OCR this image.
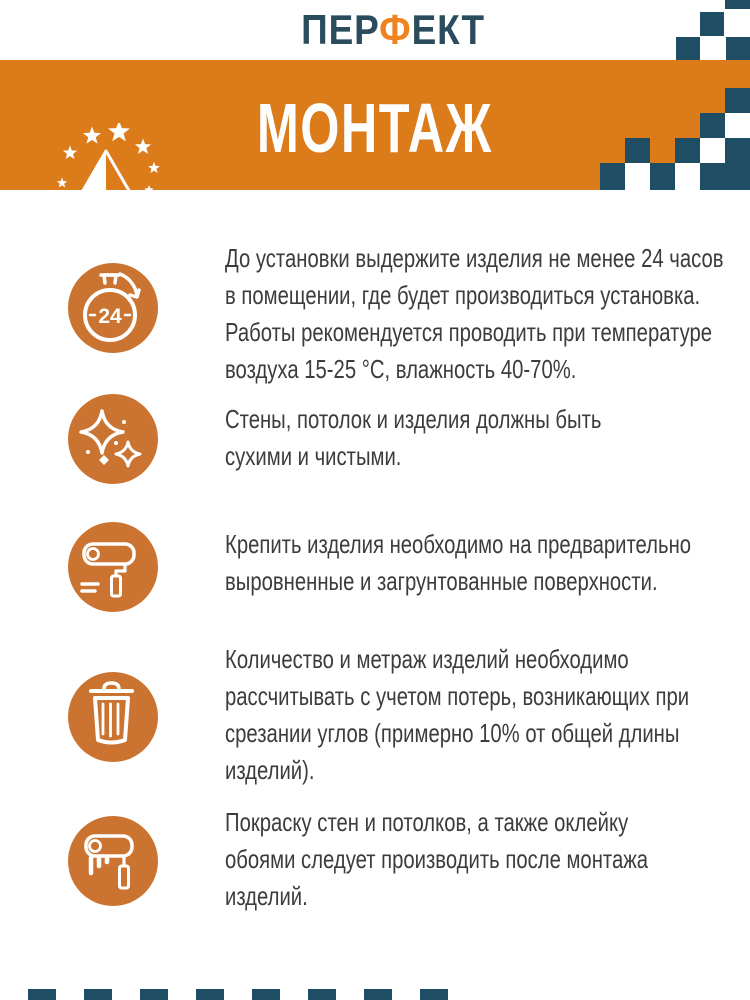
ПЕРФЕКТ
МОНТАЖ
24
До установки выдержите изделия не менее 24 часов
в помещении, где будет производиться установка.
Работы рекомендуется проводить при температуре
воздуха 15-25 °С, влажность 40-70%.
Стены, потолок и изделия должны быть
сухими и чистыми.
Крепить изделия необходимо на предварительно
выровненные и загрунтованные поверхности.
Количество и метраж изделий необходимо
рассчитывать с учетом потерь, возникающих при
срезании углов (примерно 10% от общей длины
изделий).
Покраску стен и потолков, а также оклейку
обоями следует производить после монтажа
изделий.
